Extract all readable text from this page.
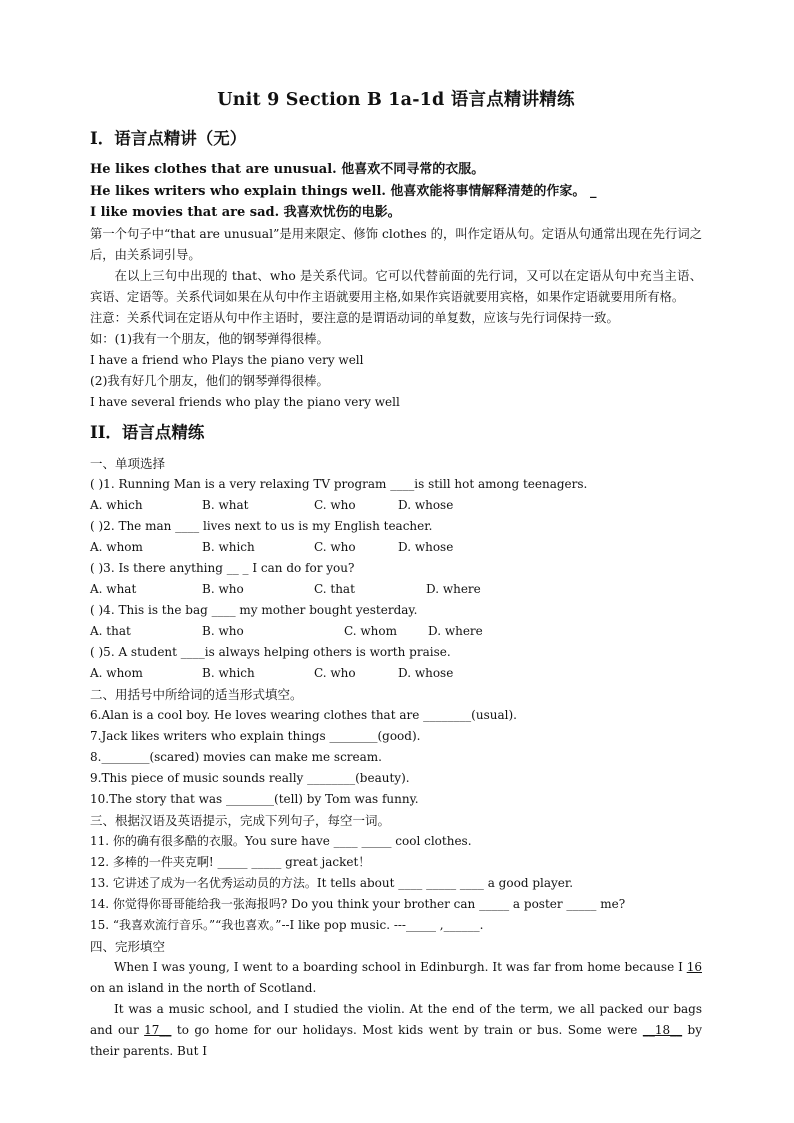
Unit 9 Section B 1a-1d 语言点精讲精练
I．语言点精讲（无）
He likes clothes that are unusual. 他喜欢不同寻常的衣服。
He likes writers who explain things well. 他喜欢能将事情解释清楚的作家。 _
I like movies that are sad. 我喜欢忧伤的电影。
第一个句子中“that are unusual”是用来限定、修饰 clothes 的，叫作定语从句。定语从句通常出现在先行词之后，由关系词引导。
在以上三句中出现的 that、who 是关系代词。它可以代替前面的先行词，又可以在定语从句中充当主语、宾语、定语等。关系代词如果在从句中作主语就要用主格,如果作宾语就要用宾格，如果作定语就要用所有格。
注意：关系代词在定语从句中作主语时，要注意的是谓语动词的单复数，应该与先行词保持一致。
如：(1)我有一个朋友，他的钢琴弹得很棒。
I have a friend who Plays the piano very well
(2)我有好几个朋友，他们的钢琴弹得很棒。
I have several friends who play the piano very well
II．语言点精练
一、单项选择
( )1. Running Man is a very relaxing TV program ____is still hot among teenagers.
A. which	B. what	C. who	D. whose
( )2. The man ____ lives next to us is my English teacher.
A. whom	B. which	C. who	D. whose
( )3. Is there anything __ _ I can do for you?
A. what	B. who	C. that	D. where
( )4. This is the bag ____ my mother bought yesterday.
A. that	B. who	C. whom	D. where
( )5. A student ____is always helping others is worth praise.
A. whom	B. which	C. who	D. whose
二、用括号中所给词的适当形式填空。
6.Alan is a cool boy. He loves wearing clothes that are ________(usual).
7.Jack likes writers who explain things ________(good).
8.________(scared) movies can make me scream.
9.This piece of music sounds really ________(beauty).
10.The story that was ________(tell) by Tom was funny.
三、根据汉语及英语提示，完成下列句子，每空一词。
11. 你的确有很多酷的衣服。You sure have ____ _____ cool clothes.
12. 多棒的一件夹克啊! _____ _____ great jacket！
13. 它讲述了成为一名优秀运动员的方法。It tells about ____ _____ ____ a good player.
14. 你觉得你哥哥能给我一张海报吗? Do you think your brother can _____ a poster _____ me?
15. “我喜欢流行音乐。”“我也喜欢。”--I like pop music. ---_____ ,______.
四、完形填空
When I was young, I went to a boarding school in Edinburgh. It was far from home because I 16 on an island in the north of Scotland.
It was a music school, and I studied the violin. At the end of the term, we all packed our bags and our 17__ to go home for our holidays. Most kids went by train or bus. Some were __18__ by their parents. But I
